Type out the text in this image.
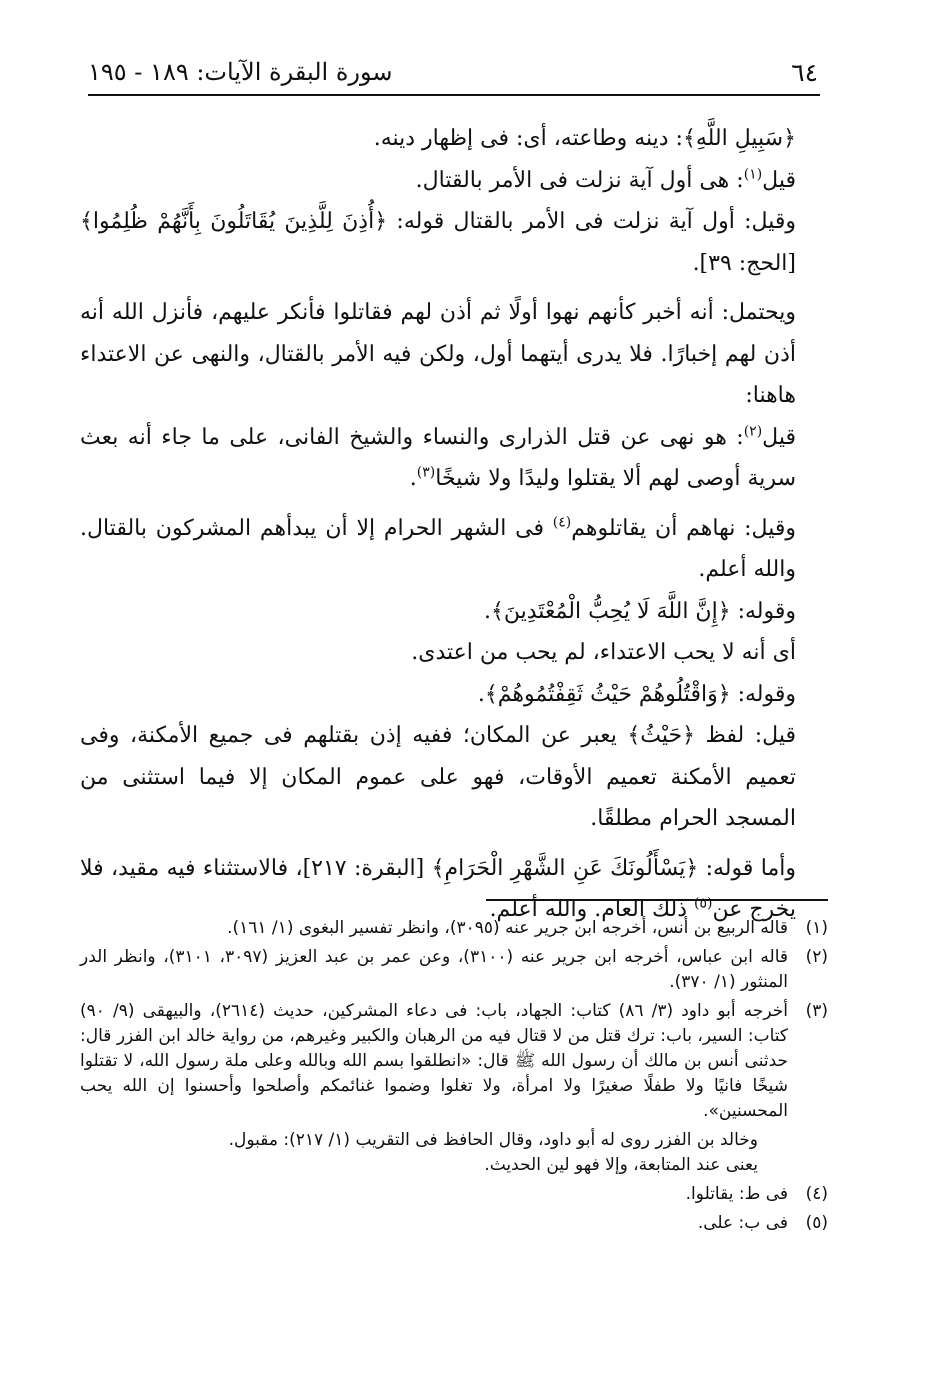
٦٤
سورة البقرة الآيات: ١٨٩ - ١٩٥

﴿سَبِيلِ اللَّهِ﴾: دينه وطاعته، أى: فى إظهار دينه.

قيل$^{(١)}$: هى أول آية نزلت فى الأمر بالقتال.

وقيل: أول آية نزلت فى الأمر بالقتال قوله: ﴿أُذِنَ لِلَّذِينَ يُقَاتَلُونَ بِأَنَّهُمْ ظُلِمُوا﴾ [الحج: ٣٩].

ويحتمل: أنه أخبر كأنهم نهوا أولًا ثم أذن لهم فقاتلوا فأنكر عليهم، فأنزل الله أنه أذن لهم إخبارًا. فلا يدرى أيتهما أول، ولكن فيه الأمر بالقتال، والنهى عن الاعتداء هاهنا:

قيل$^{(٢)}$: هو نهى عن قتل الذرارى والنساء والشيخ الفانى، على ما جاء أنه بعث سرية أوصى لهم ألا يقتلوا وليدًا ولا شيخًا$^{(٣)}$.

وقيل: نهاهم أن يقاتلوهم$^{(٤)}$ فى الشهر الحرام إلا أن يبدأهم المشركون بالقتال. والله أعلم.

وقوله: ﴿إِنَّ اللَّهَ لَا يُحِبُّ الْمُعْتَدِينَ﴾.

أى أنه لا يحب الاعتداء، لم يحب من اعتدى.

وقوله: ﴿وَاقْتُلُوهُمْ حَيْثُ ثَقِفْتُمُوهُمْ﴾.

قيل: لفظ ﴿حَيْثُ﴾ يعبر عن المكان؛ ففيه إذن بقتلهم فى جميع الأمكنة، وفى تعميم الأمكنة تعميم الأوقات، فهو على عموم المكان إلا فيما استثنى من المسجد الحرام مطلقًا.

وأما قوله: ﴿يَسْأَلُونَكَ عَنِ الشَّهْرِ الْحَرَامِ﴾ [البقرة: ٢١٧]، فالاستثناء فيه مقيد، فلا يخرج عن$^{(٥)}$ ذلك العام. والله أعلم.

(١)
قاله الربيع بن أنس، أخرجه ابن جرير عنه (٣٠٩٥)، وانظر تفسير البغوى (١/ ١٦١).
(٢)
قاله ابن عباس، أخرجه ابن جرير عنه (٣١٠٠)، وعن عمر بن عبد العزيز (٣٠٩٧، ٣١٠١)، وانظر الدر المنثور (١/ ٣٧٠).
(٣)
أخرجه أبو داود (٣/ ٨٦) كتاب: الجهاد، باب: فى دعاء المشركين، حديث (٢٦١٤)، والبيهقى (٩/ ٩٠) كتاب: السير، باب: ترك قتل من لا قتال فيه من الرهبان والكبير وغيرهم، من رواية خالد ابن الفزر قال: حدثنى أنس بن مالك أن رسول الله ﷺ قال: «انطلقوا بسم الله وبالله وعلى ملة رسول الله، لا تقتلوا شيخًا فانيًا ولا طفلًا صغيرًا ولا امرأة، ولا تغلوا وضموا غنائمكم وأصلحوا وأحسنوا إن الله يحب المحسنين».
وخالد بن الفزر روى له أبو داود، وقال الحافظ فى التقريب (١/ ٢١٧): مقبول.
يعنى عند المتابعة، وإلا فهو لين الحديث.
(٤)
فى ط: يقاتلوا.
(٥)
فى ب: على.
